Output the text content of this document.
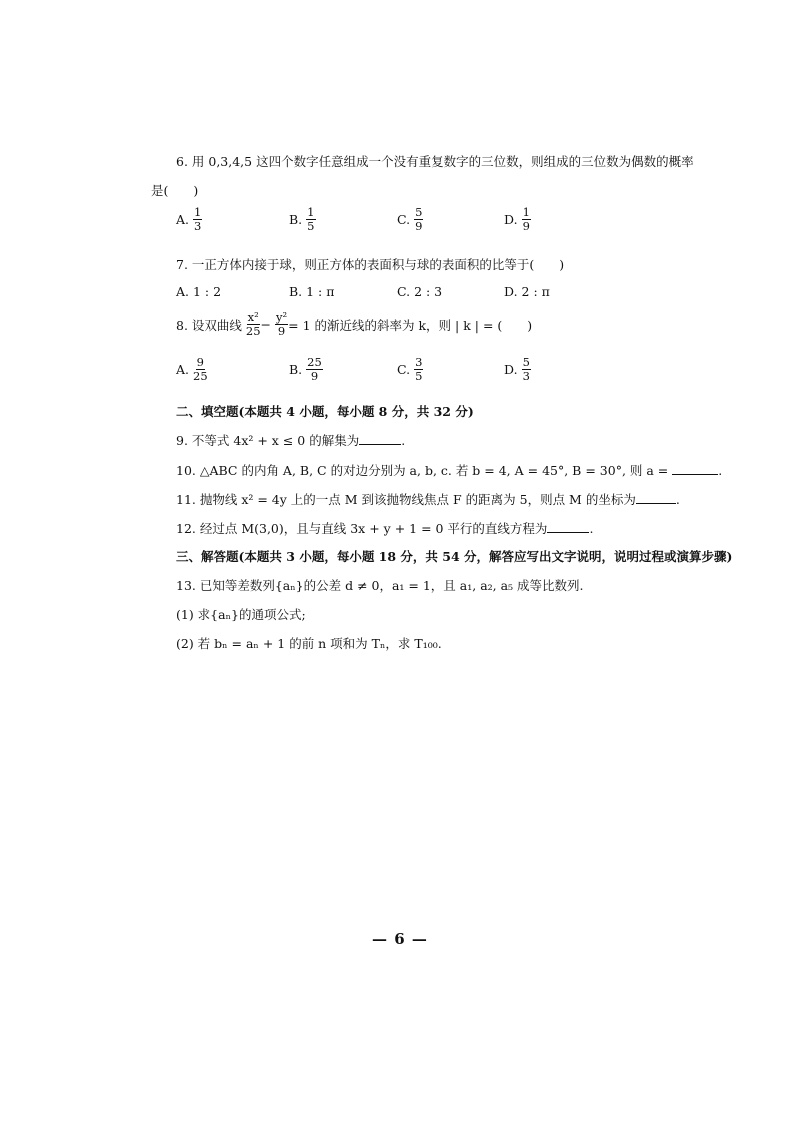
6. 用 0,3,4,5 这四个数字任意组成一个没有重复数字的三位数，则组成的三位数为偶数的概率
是(　　)
A. $\frac{1}{3}$	B. $\frac{1}{5}$	C. $\frac{5}{9}$	D. $\frac{1}{9}$
7. 一正方体内接于球，则正方体的表面积与球的表面积的比等于(　　)
A. 1 : 2	B. 1 : π	C. 2 : 3	D. 2 : π
8. 设双曲线 $\frac{\text{x²}}{25} - \frac{\text{y²}}{9} = 1$ 的渐近线的斜率为 k，则 | k | = (　　)
A. $\frac{9}{25}$	B. $\frac{25}{9}$	C. $\frac{3}{5}$	D. $\frac{5}{3}$
二、填空题(本题共 4 小题，每小题 8 分，共 32 分)
9. 不等式 4x² + x ≤ 0 的解集为	.
10. △ABC 的内角 A, B, C 的对边分别为 a, b, c. 若 b = 4, A = 45°, B = 30°, 则 a =	.
11. 抛物线 x² = 4y 上的一点 M 到该抛物线焦点 F 的距离为 5，则点 M 的坐标为	.
12. 经过点 M(3,0)，且与直线 3x + y + 1 = 0 平行的直线方程为	.
三、解答题(本题共 3 小题，每小题 18 分，共 54 分，解答应写出文字说明，说明过程或演算步骤)
13. 已知等差数列{aₙ}的公差 d ≠ 0，a₁ = 1，且 a₁, a₂, a₅ 成等比数列.
(1) 求{aₙ}的通项公式;
(2) 若 bₙ = aₙ + 1 的前 n 项和为 Tₙ，求 T₁₀₀.
— 6 —
